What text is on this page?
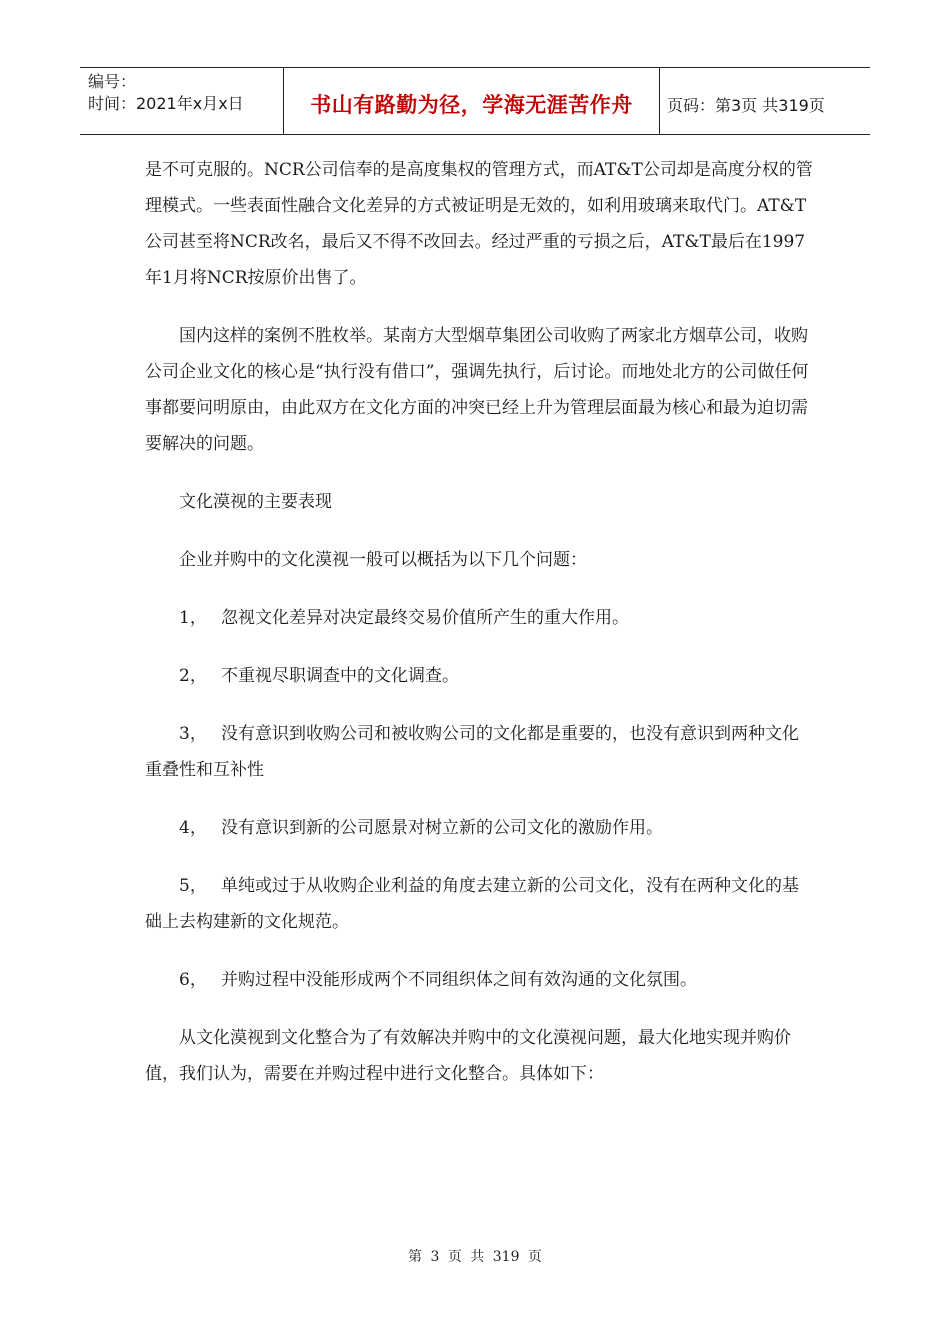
编号：
时间：2021年x月x日	书山有路勤为径，学海无涯苦作舟	页码：第3页 共319页

是不可克服的。NCR公司信奉的是高度集权的管理方式，而AT&T公司却是高度分权的管理模式。一些表面性融合文化差异的方式被证明是无效的，如利用玻璃来取代门。AT&T公司甚至将NCR改名，最后又不得不改回去。经过严重的亏损之后，AT&T最后在1997年1月将NCR按原价出售了。

国内这样的案例不胜枚举。某南方大型烟草集团公司收购了两家北方烟草公司，收购公司企业文化的核心是“执行没有借口”，强调先执行，后讨论。而地处北方的公司做任何事都要问明原由，由此双方在文化方面的冲突已经上升为管理层面最为核心和最为迫切需要解决的问题。

文化漠视的主要表现

企业并购中的文化漠视一般可以概括为以下几个问题：

1， 忽视文化差异对决定最终交易价值所产生的重大作用。

2， 不重视尽职调查中的文化调查。

3， 没有意识到收购公司和被收购公司的文化都是重要的，也没有意识到两种文化重叠性和互补性

4， 没有意识到新的公司愿景对树立新的公司文化的激励作用。

5， 单纯或过于从收购企业利益的角度去建立新的公司文化，没有在两种文化的基础上去构建新的文化规范。

6， 并购过程中没能形成两个不同组织体之间有效沟通的文化氛围。

从文化漠视到文化整合为了有效解决并购中的文化漠视问题，最大化地实现并购价值，我们认为，需要在并购过程中进行文化整合。具体如下：

第 3 页 共 319 页
